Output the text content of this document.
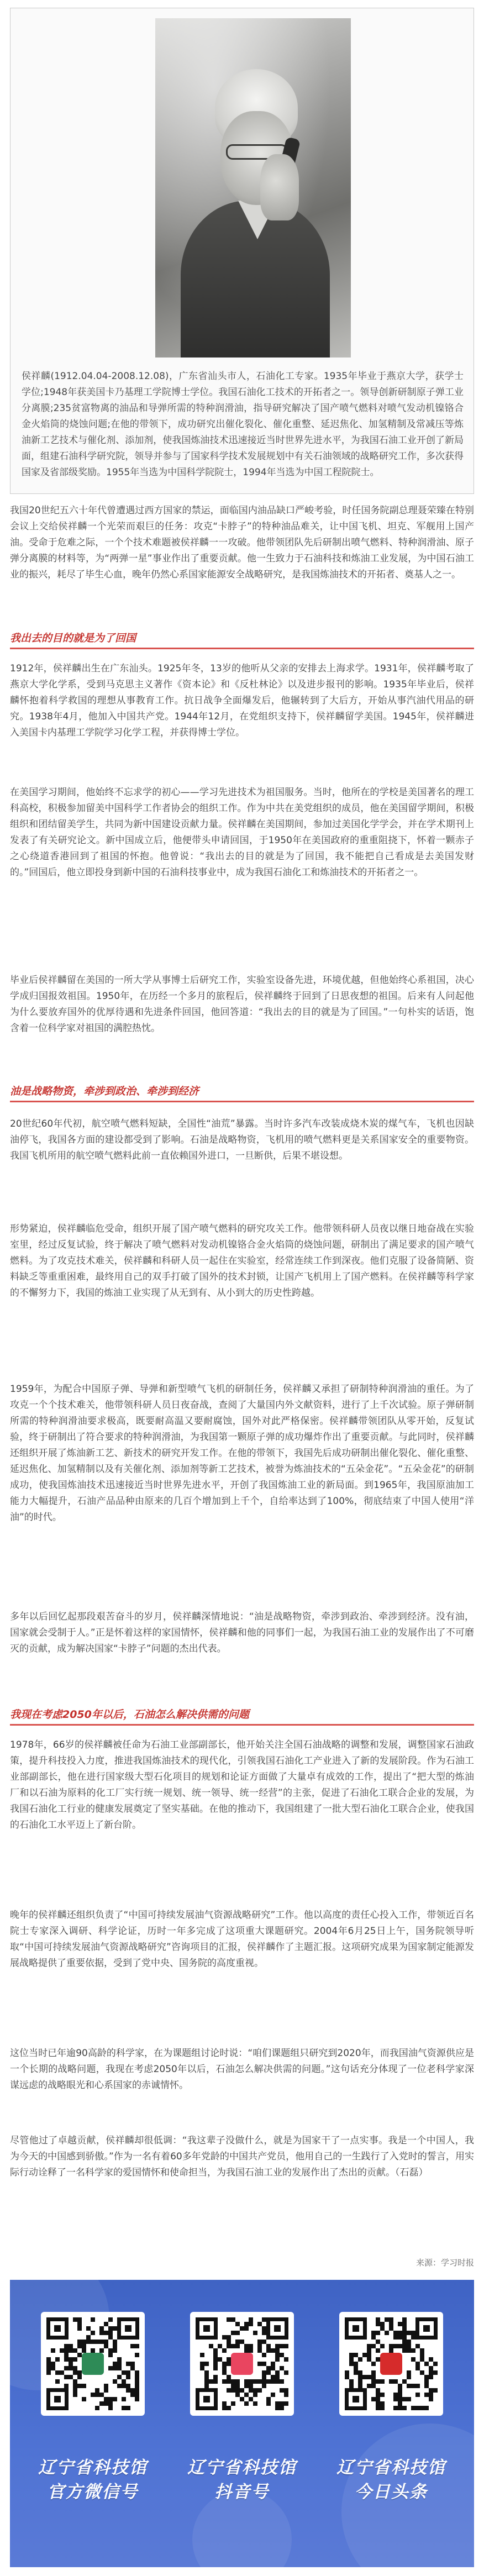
侯祥麟(1912.04.04-2008.12.08)，广东省汕头市人，石油化工专家。1935年毕业于燕京大学，获学士学位;1948年获美国卡乃基理工学院博士学位。我国石油化工技术的开拓者之一。领导创新研制原子弹工业分离膜;235贫富物离的油品和导弹所需的特种润滑油，指导研究解决了国产喷气燃料对喷气发动机镍铬合金火焰筒的烧蚀问题;在他的带领下，成功研究出催化裂化、催化重整、延迟焦化、加氢精制及常减压等炼油新工艺技术与催化剂、添加剂，使我国炼油技术迅速接近当时世界先进水平，为我国石油工业开创了新局面，组建石油科学研究院，领导并参与了国家科学技术发展规划中有关石油领域的战略研究工作，多次获得国家及省部级奖励。1955年当选为中国科学院院士，1994年当选为中国工程院院士。

我国20世纪五六十年代曾遭遇过西方国家的禁运，面临国内油品缺口严峻考验，时任国务院副总理聂荣臻在特别会议上交给侯祥麟一个光荣而艰巨的任务：攻克“卡脖子”的特种油品难关，让中国飞机、坦克、军舰用上国产油。受命于危难之际，一个个技术难题被侯祥麟一一攻破。他带领团队先后研制出喷气燃料、特种润滑油、原子弹分离膜的材料等，为“两弹一星”事业作出了重要贡献。他一生致力于石油科技和炼油工业发展，为中国石油工业的振兴，耗尽了毕生心血，晚年仍然心系国家能源安全战略研究，是我国炼油技术的开拓者、奠基人之一。

我出去的目的就是为了回国

1912年，侯祥麟出生在广东汕头。1925年冬，13岁的他听从父亲的安排去上海求学。1931年，侯祥麟考取了燕京大学化学系，受到马克思主义著作《资本论》和《反杜林论》以及进步报刊的影响。1935年毕业后，侯祥麟怀抱着科学救国的理想从事教育工作。抗日战争全面爆发后，他辗转到了大后方，开始从事汽油代用品的研究。1938年4月，他加入中国共产党。1944年12月，在党组织支持下，侯祥麟留学美国。1945年，侯祥麟进入美国卡内基理工学院学习化学工程，并获得博士学位。

在美国学习期间，他始终不忘求学的初心——学习先进技术为祖国服务。当时，他所在的学校是美国著名的理工科高校，积极参加留美中国科学工作者协会的组织工作。作为中共在美党组织的成员，他在美国留学期间，积极组织和团结留美学生，共同为新中国建设贡献力量。侯祥麟在美国期间，参加过美国化学学会，并在学术期刊上发表了有关研究论文。新中国成立后，他便带头申请回国，于1950年在美国政府的重重阻挠下，怀着一颗赤子之心绕道香港回到了祖国的怀抱。他曾说：“我出去的目的就是为了回国，我不能把自己看成是去美国发财的。”回国后，他立即投身到新中国的石油科技事业中，成为我国石油化工和炼油技术的开拓者之一。

毕业后侯祥麟留在美国的一所大学从事博士后研究工作，实验室设备先进，环境优越，但他始终心系祖国，决心学成归国报效祖国。1950年，在历经一个多月的旅程后，侯祥麟终于回到了日思夜想的祖国。后来有人问起他为什么要放弃国外的优厚待遇和先进条件回国，他回答道：“我出去的目的就是为了回国。”一句朴实的话语，饱含着一位科学家对祖国的满腔热忱。

油是战略物资，牵涉到政治、牵涉到经济

20世纪60年代初，航空喷气燃料短缺，全国性“油荒”暴露。当时许多汽车改装成烧木炭的煤气车，飞机也因缺油停飞，我国各方面的建设都受到了影响。石油是战略物资，飞机用的喷气燃料更是关系国家安全的重要物资。我国飞机所用的航空喷气燃料此前一直依赖国外进口，一旦断供，后果不堪设想。

形势紧迫，侯祥麟临危受命，组织开展了国产喷气燃料的研究攻关工作。他带领科研人员夜以继日地奋战在实验室里，经过反复试验，终于解决了喷气燃料对发动机镍铬合金火焰筒的烧蚀问题，研制出了满足要求的国产喷气燃料。为了攻克技术难关，侯祥麟和科研人员一起住在实验室，经常连续工作到深夜。他们克服了设备简陋、资料缺乏等重重困难，最终用自己的双手打破了国外的技术封锁，让国产飞机用上了国产燃料。在侯祥麟等科学家的不懈努力下，我国的炼油工业实现了从无到有、从小到大的历史性跨越。

1959年，为配合中国原子弹、导弹和新型喷气飞机的研制任务，侯祥麟又承担了研制特种润滑油的重任。为了攻克一个个技术难关，他带领科研人员日夜奋战，查阅了大量国内外文献资料，进行了上千次试验。原子弹研制所需的特种润滑油要求极高，既要耐高温又要耐腐蚀，国外对此严格保密。侯祥麟带领团队从零开始，反复试验，终于研制出了符合要求的特种润滑油，为我国第一颗原子弹的成功爆炸作出了重要贡献。与此同时，侯祥麟还组织开展了炼油新工艺、新技术的研究开发工作。在他的带领下，我国先后成功研制出催化裂化、催化重整、延迟焦化、加氢精制以及有关催化剂、添加剂等新工艺技术，被誉为炼油技术的“五朵金花”。“五朵金花”的研制成功，使我国炼油技术迅速接近当时世界先进水平，开创了我国炼油工业的新局面。到1965年，我国原油加工能力大幅提升，石油产品品种由原来的几百个增加到上千个，自给率达到了100%，彻底结束了中国人使用“洋油”的时代。

多年以后回忆起那段艰苦奋斗的岁月，侯祥麟深情地说：“油是战略物资，牵涉到政治、牵涉到经济。没有油，国家就会受制于人。”正是怀着这样的家国情怀，侯祥麟和他的同事们一起，为我国石油工业的发展作出了不可磨灭的贡献，成为解决国家“卡脖子”问题的杰出代表。

我现在考虑2050年以后，石油怎么解决供需的问题

1978年，66岁的侯祥麟被任命为石油工业部副部长，他开始关注全国石油战略的调整和发展，调整国家石油政策，提升科技投入力度，推进我国炼油技术的现代化，引领我国石油化工产业进入了新的发展阶段。作为石油工业部副部长，他在进行国家级大型石化项目的规划和论证方面做了大量卓有成效的工作，提出了“把大型的炼油厂和以石油为原料的化工厂实行统一规划、统一领导、统一经营”的主张，促进了石油化工联合企业的发展，为我国石油化工行业的健康发展奠定了坚实基础。在他的推动下，我国组建了一批大型石油化工联合企业，使我国的石油化工水平迈上了新台阶。

晚年的侯祥麟还组织负责了“中国可持续发展油气资源战略研究”工作。他以高度的责任心投入工作，带领近百名院士专家深入调研、科学论证，历时一年多完成了这项重大课题研究。2004年6月25日上午，国务院领导听取“中国可持续发展油气资源战略研究”咨询项目的汇报，侯祥麟作了主题汇报。这项研究成果为国家制定能源发展战略提供了重要依据，受到了党中央、国务院的高度重视。

这位当时已年逾90高龄的科学家，在为课题组讨论时说：“咱们课题组只研究到2020年，而我国油气资源供应是一个长期的战略问题，我现在考虑2050年以后，石油怎么解决供需的问题。”这句话充分体现了一位老科学家深谋远虑的战略眼光和心系国家的赤诚情怀。

尽管他过了卓越贡献，侯祥麟却很低调：“我这辈子没做什么，就是为国家干了一点实事。我是一个中国人，我为今天的中国感到骄傲。”作为一名有着60多年党龄的中国共产党员，他用自己的一生践行了入党时的誓言，用实际行动诠释了一名科学家的爱国情怀和使命担当，为我国石油工业的发展作出了杰出的贡献。（石磊）

来源：学习时报

辽宁省科技馆
官方微信号

辽宁省科技馆
抖音号

辽宁省科技馆
今日头条
